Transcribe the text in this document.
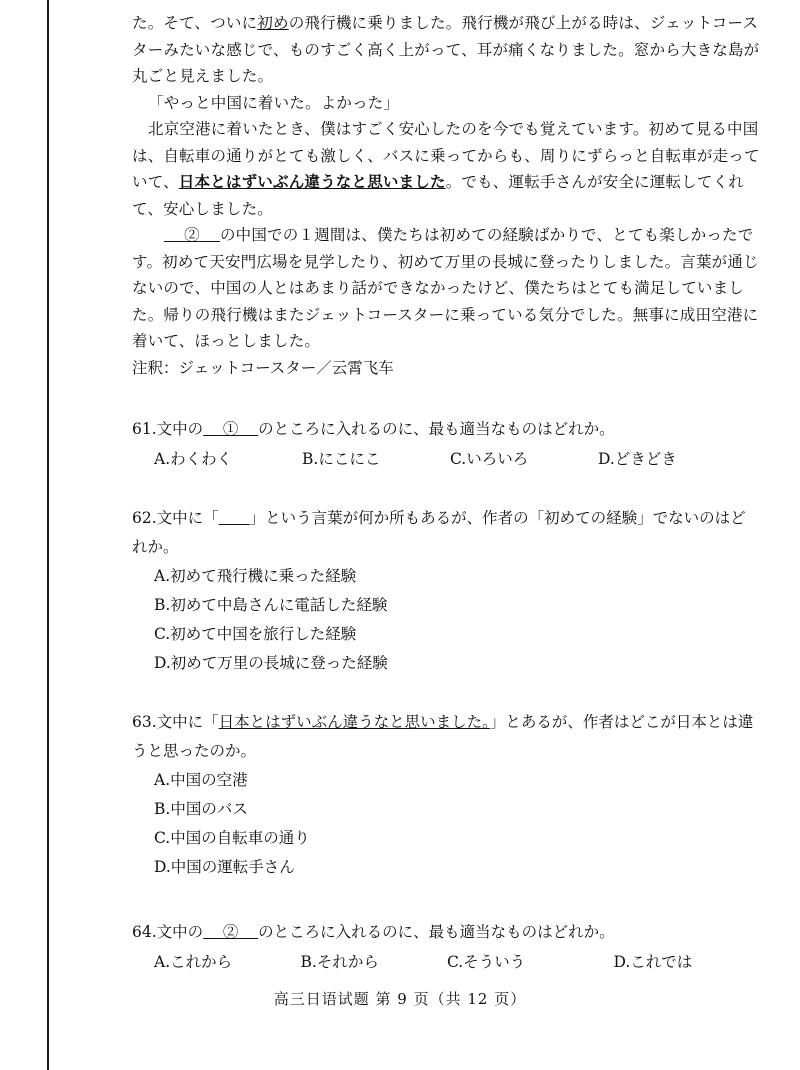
た。そて、ついに初めの飛行機に乗りました。飛行機が飛び上がる時は、ジェットコースターみたいな感じで、ものすごく高く上がって、耳が痛くなりました。窓から大きな島が丸ごと見えました。

「やっと中国に着いた。よかった」

北京空港に着いたとき、僕はすごく安心したのを今でも覚えています。初めて見る中国は、自転車の通りがとても激しく、バスに乗ってからも、周りにずらっと自転車が走っていて、日本とはずいぶん違うなと思いました。でも、運転手さんが安全に運転してくれて、安心しました。

  ②   の中国での１週間は、僕たちは初めての経験ばかりで、とても楽しかったです。初めて天安門広場を見学したり、初めて万里の長城に登ったりしました。言葉が通じないので、中国の人とはあまり話ができなかったけど、僕たちはとても満足していました。帰りの飛行機はまたジェットコースターに乗っている気分でした。無事に成田空港に着いて、ほっとしました。

注釈：ジェットコースター／云霄飞车

61.文中の   ①   のところに入れるのに、最も適当なものはどれか。

A.わくわく	B.にこにこ	C.いろいろ	D.どきどき

62.文中に「　　 」という言葉が何か所もあるが、作者の「初めての経験」でないのはどれか。

A.初めて飛行機に乗った経験
B.初めて中島さんに電話した経験
C.初めて中国を旅行した経験
D.初めて万里の長城に登った経験

63.文中に「日本とはずいぶん違うなと思いました。」とあるが、作者はどこが日本とは違うと思ったのか。

A.中国の空港
B.中国のバス
C.中国の自転車の通り
D.中国の運転手さん

64.文中の   ②   のところに入れるのに、最も適当なものはどれか。

A.これから	B.それから	C.そういう	D.これでは
高三日语试题 第 9 页（共 12 页）
